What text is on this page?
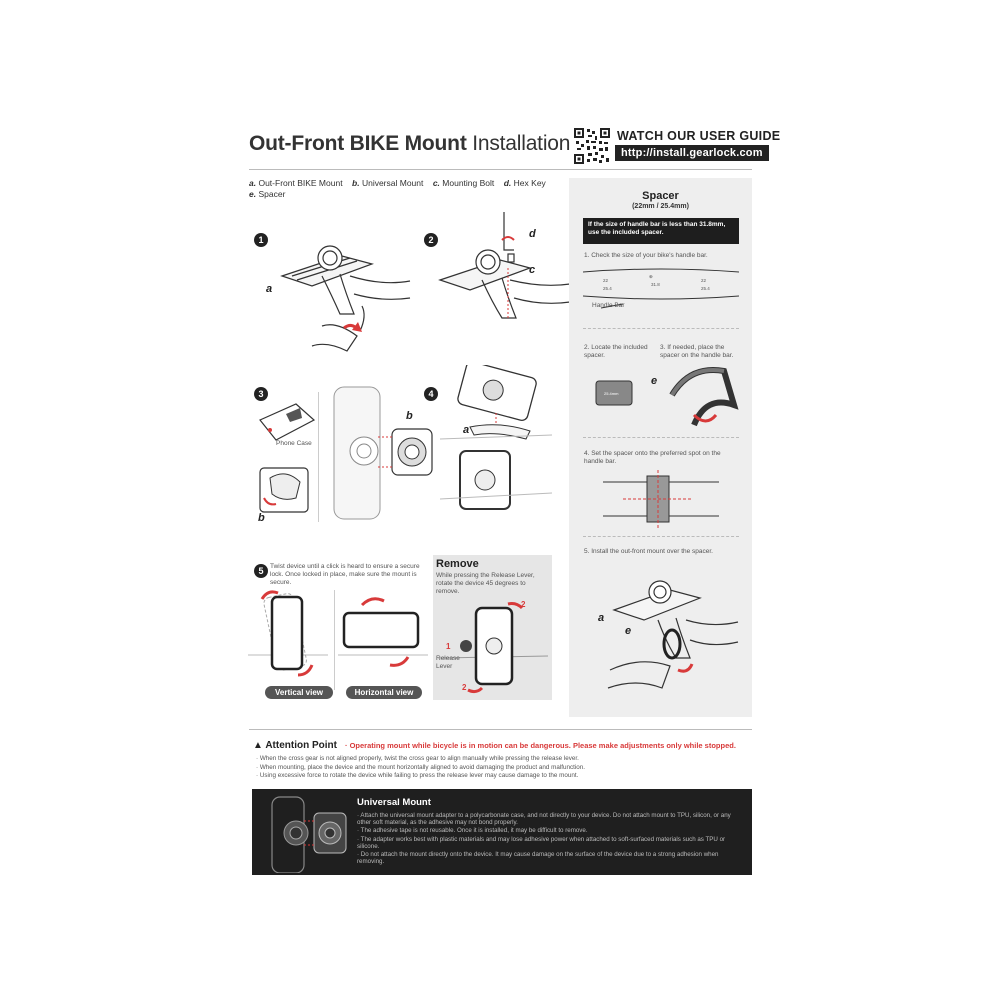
Out-Front BIKE Mount Installation	WATCH OUR USER GUIDE
http://install.gearlock.com
a. Out-Front BIKE Mount b. Universal Mount c. Mounting Bolt d. Hex Key
e. Spacer
1
a
2	d
c
3
Phone Case
b
b
4
a
5	Twist device until a click is heard to ensure a secure lock. Once locked in place, make sure the mount is secure.
Vertical view	Horizontal view
Remove
While pressing the Release Lever, rotate the device 45 degrees to remove.
2
1
2
Release Lever
Spacer
(22mm / 25.4mm)
If the size of handle bar is less than 31.8mm, use the included spacer.
1. Check the size of your bike's handle bar.
22
25.4
31.8
⊕
22
25.4
Handle Bar
2. Locate the included spacer.
3. If needed, place the spacer on the handle bar.
25.4mm
e
4. Set the spacer onto the preferred spot on the handle bar.
5. Install the out-front mount over the spacer.
a
e
▲ Attention Point · Operating mount while bicycle is in motion can be dangerous. Please make adjustments only while stopped.
· When the cross gear is not aligned properly, twist the cross gear to align manually while pressing the release lever.
· When mounting, place the device and the mount horizontally aligned to avoid damaging the product and malfunction.
· Using excessive force to rotate the device while failing to press the release lever may cause damage to the mount.
Universal Mount
· Attach the universal mount adapter to a polycarbonate case, and not directly to your device. Do not attach mount to TPU, silicon, or any other soft material, as the adhesive may not bond properly.
· The adhesive tape is not reusable. Once it is installed, it may be difficult to remove.
· The adapter works best with plastic materials and may lose adhesive power when attached to soft-surfaced materials such as TPU or silicone.
· Do not attach the mount directly onto the device. It may cause damage on the surface of the device due to a strong adhesion when removing.
